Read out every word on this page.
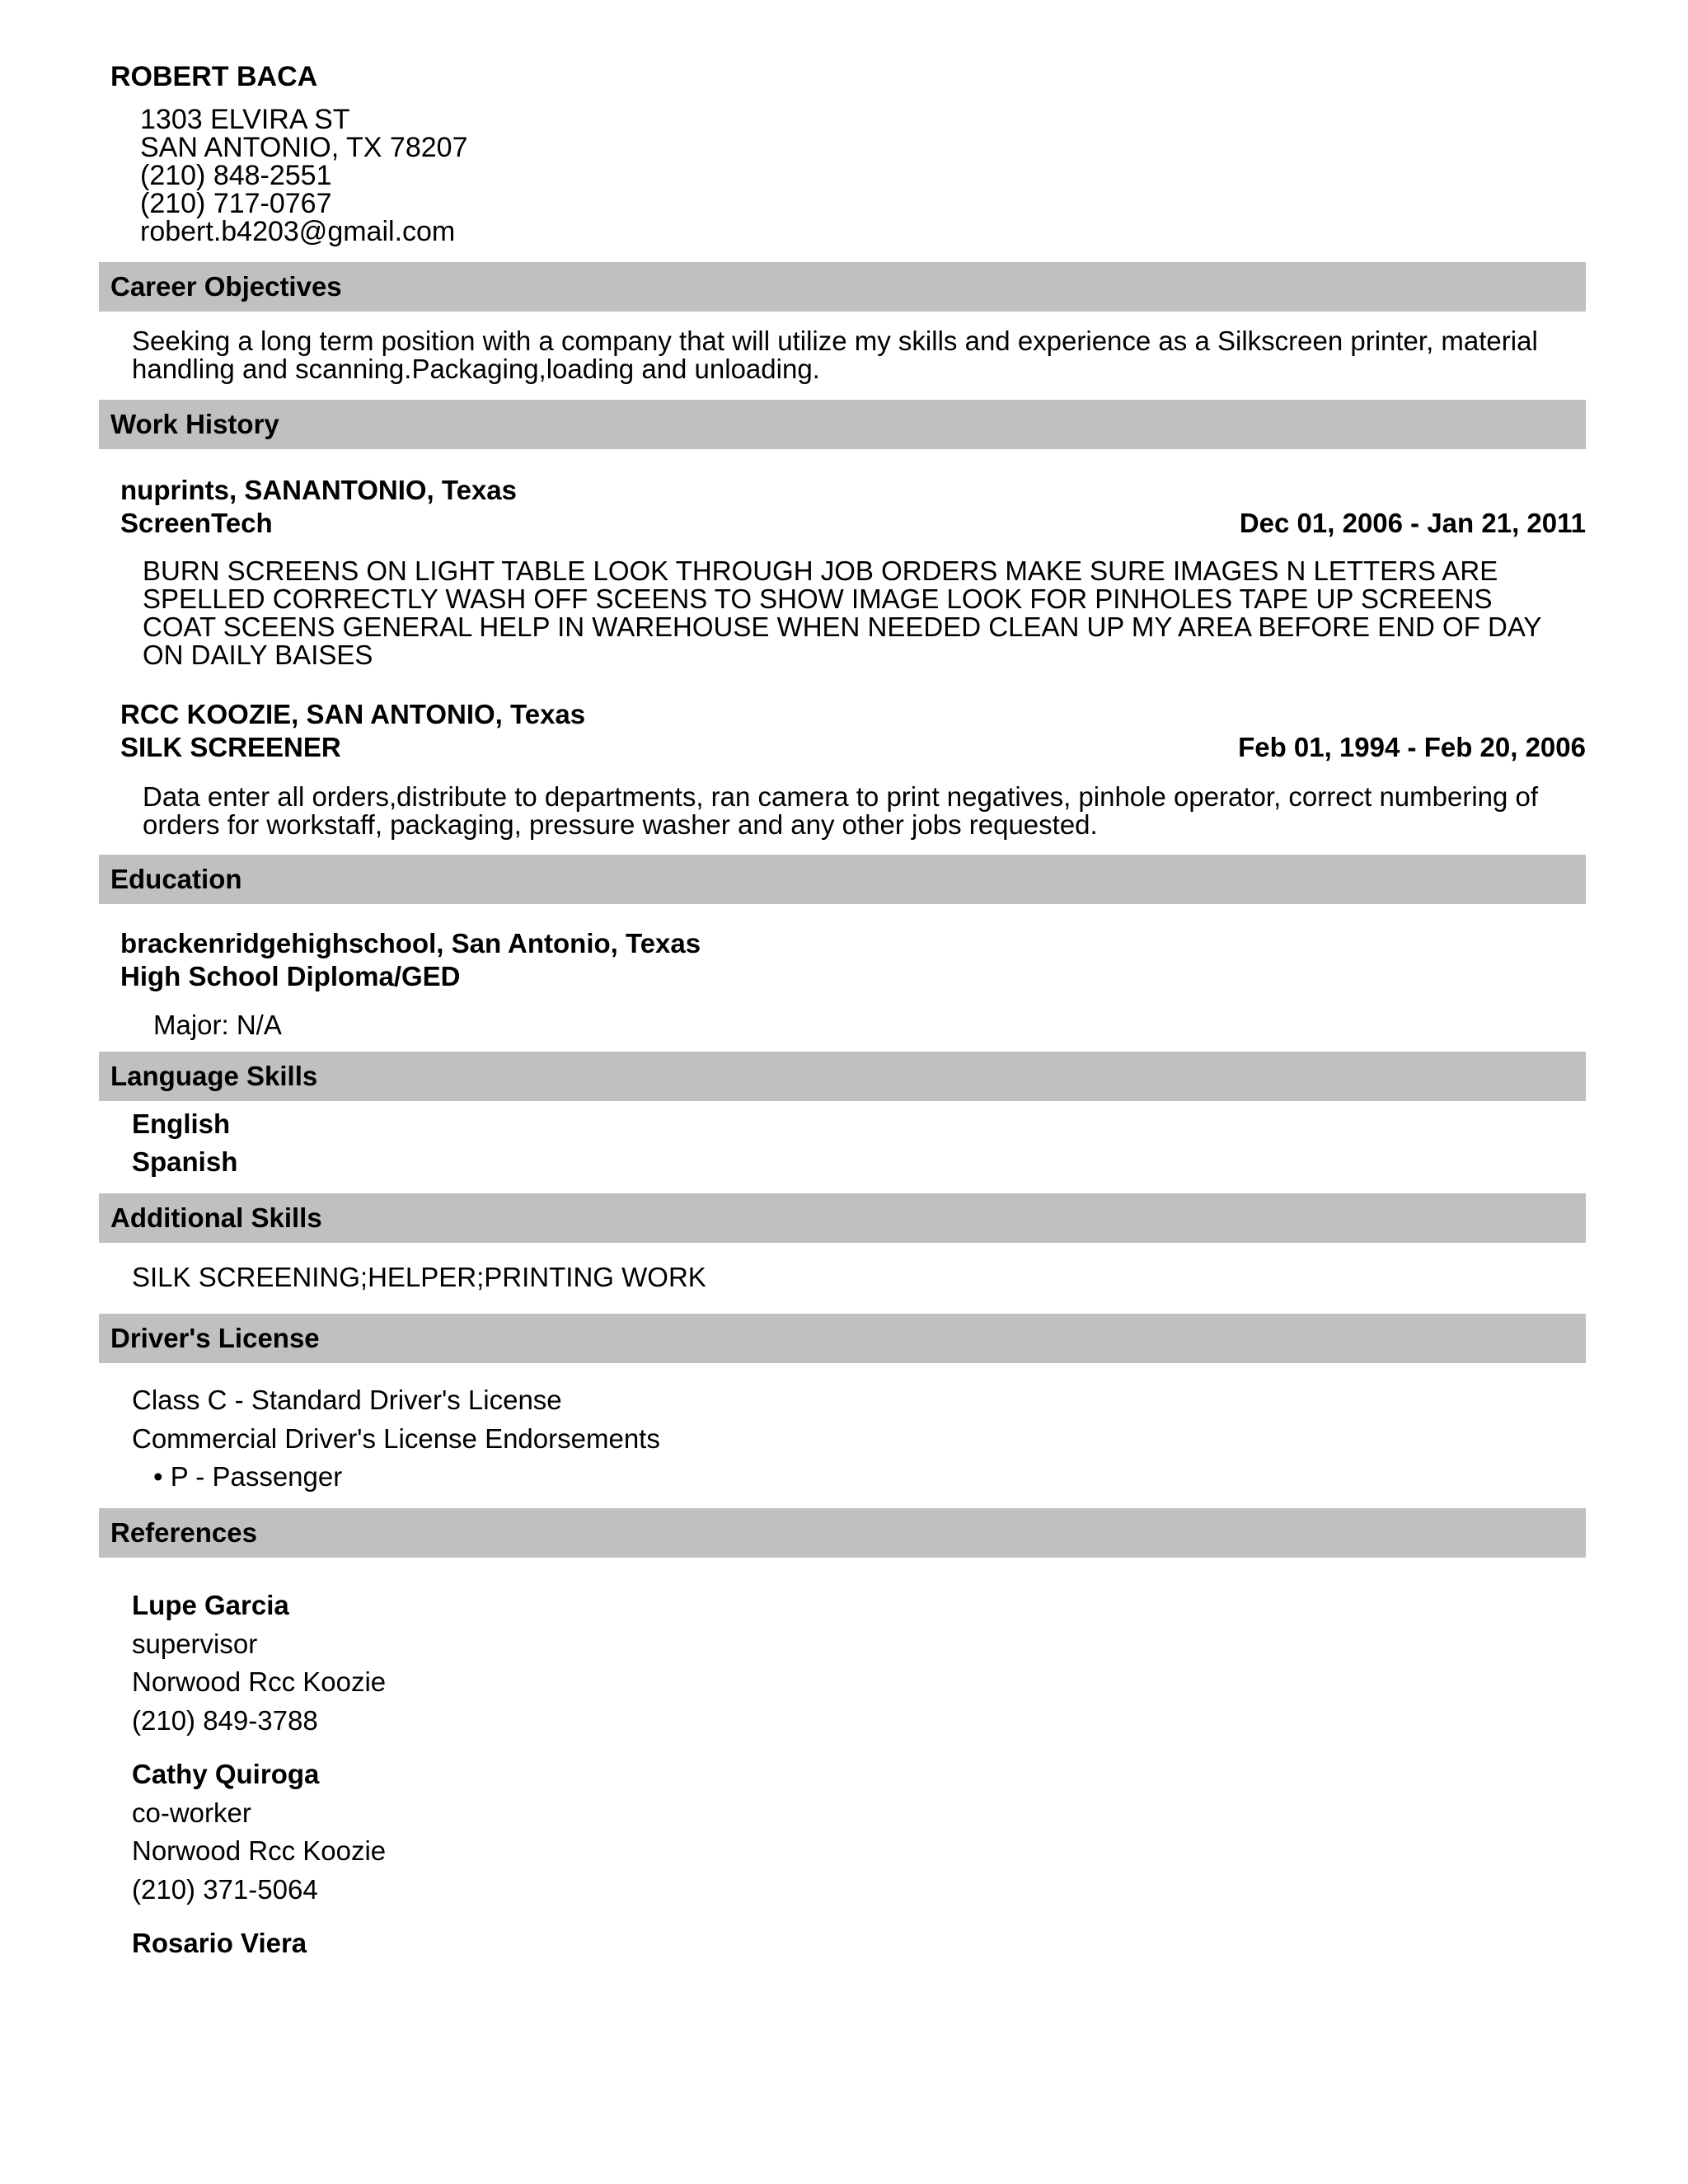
ROBERT BACA
1303 ELVIRA ST
SAN ANTONIO, TX 78207
(210) 848-2551
(210) 717-0767
robert.b4203@gmail.com
Career Objectives
Seeking a long term position with a company that will utilize my skills and experience as a Silkscreen printer, material
handling and scanning.Packaging,loading and unloading.
Work History
nuprints, SANANTONIO, Texas
ScreenTech	Dec 01, 2006 - Jan 21, 2011
BURN SCREENS ON LIGHT TABLE LOOK THROUGH JOB ORDERS MAKE SURE IMAGES N LETTERS ARE
SPELLED CORRECTLY WASH OFF SCEENS TO SHOW IMAGE LOOK FOR PINHOLES TAPE UP SCREENS
COAT SCEENS GENERAL HELP IN WAREHOUSE WHEN NEEDED CLEAN UP MY AREA BEFORE END OF DAY
ON DAILY BAISES
RCC KOOZIE, SAN ANTONIO, Texas
SILK SCREENER	Feb 01, 1994 - Feb 20, 2006
Data enter all orders,distribute to departments, ran camera to print negatives, pinhole operator, correct numbering of
orders for workstaff, packaging, pressure washer and any other jobs requested.
Education
brackenridgehighschool, San Antonio, Texas
High School Diploma/GED
Major: N/A
Language Skills
English
Spanish
Additional Skills
SILK SCREENING;HELPER;PRINTING WORK
Driver's License
Class C - Standard Driver's License
Commercial Driver's License Endorsements
• P - Passenger
References
Lupe Garcia
supervisor
Norwood Rcc Koozie
(210) 849-3788
Cathy Quiroga
co-worker
Norwood Rcc Koozie
(210) 371-5064
Rosario Viera
